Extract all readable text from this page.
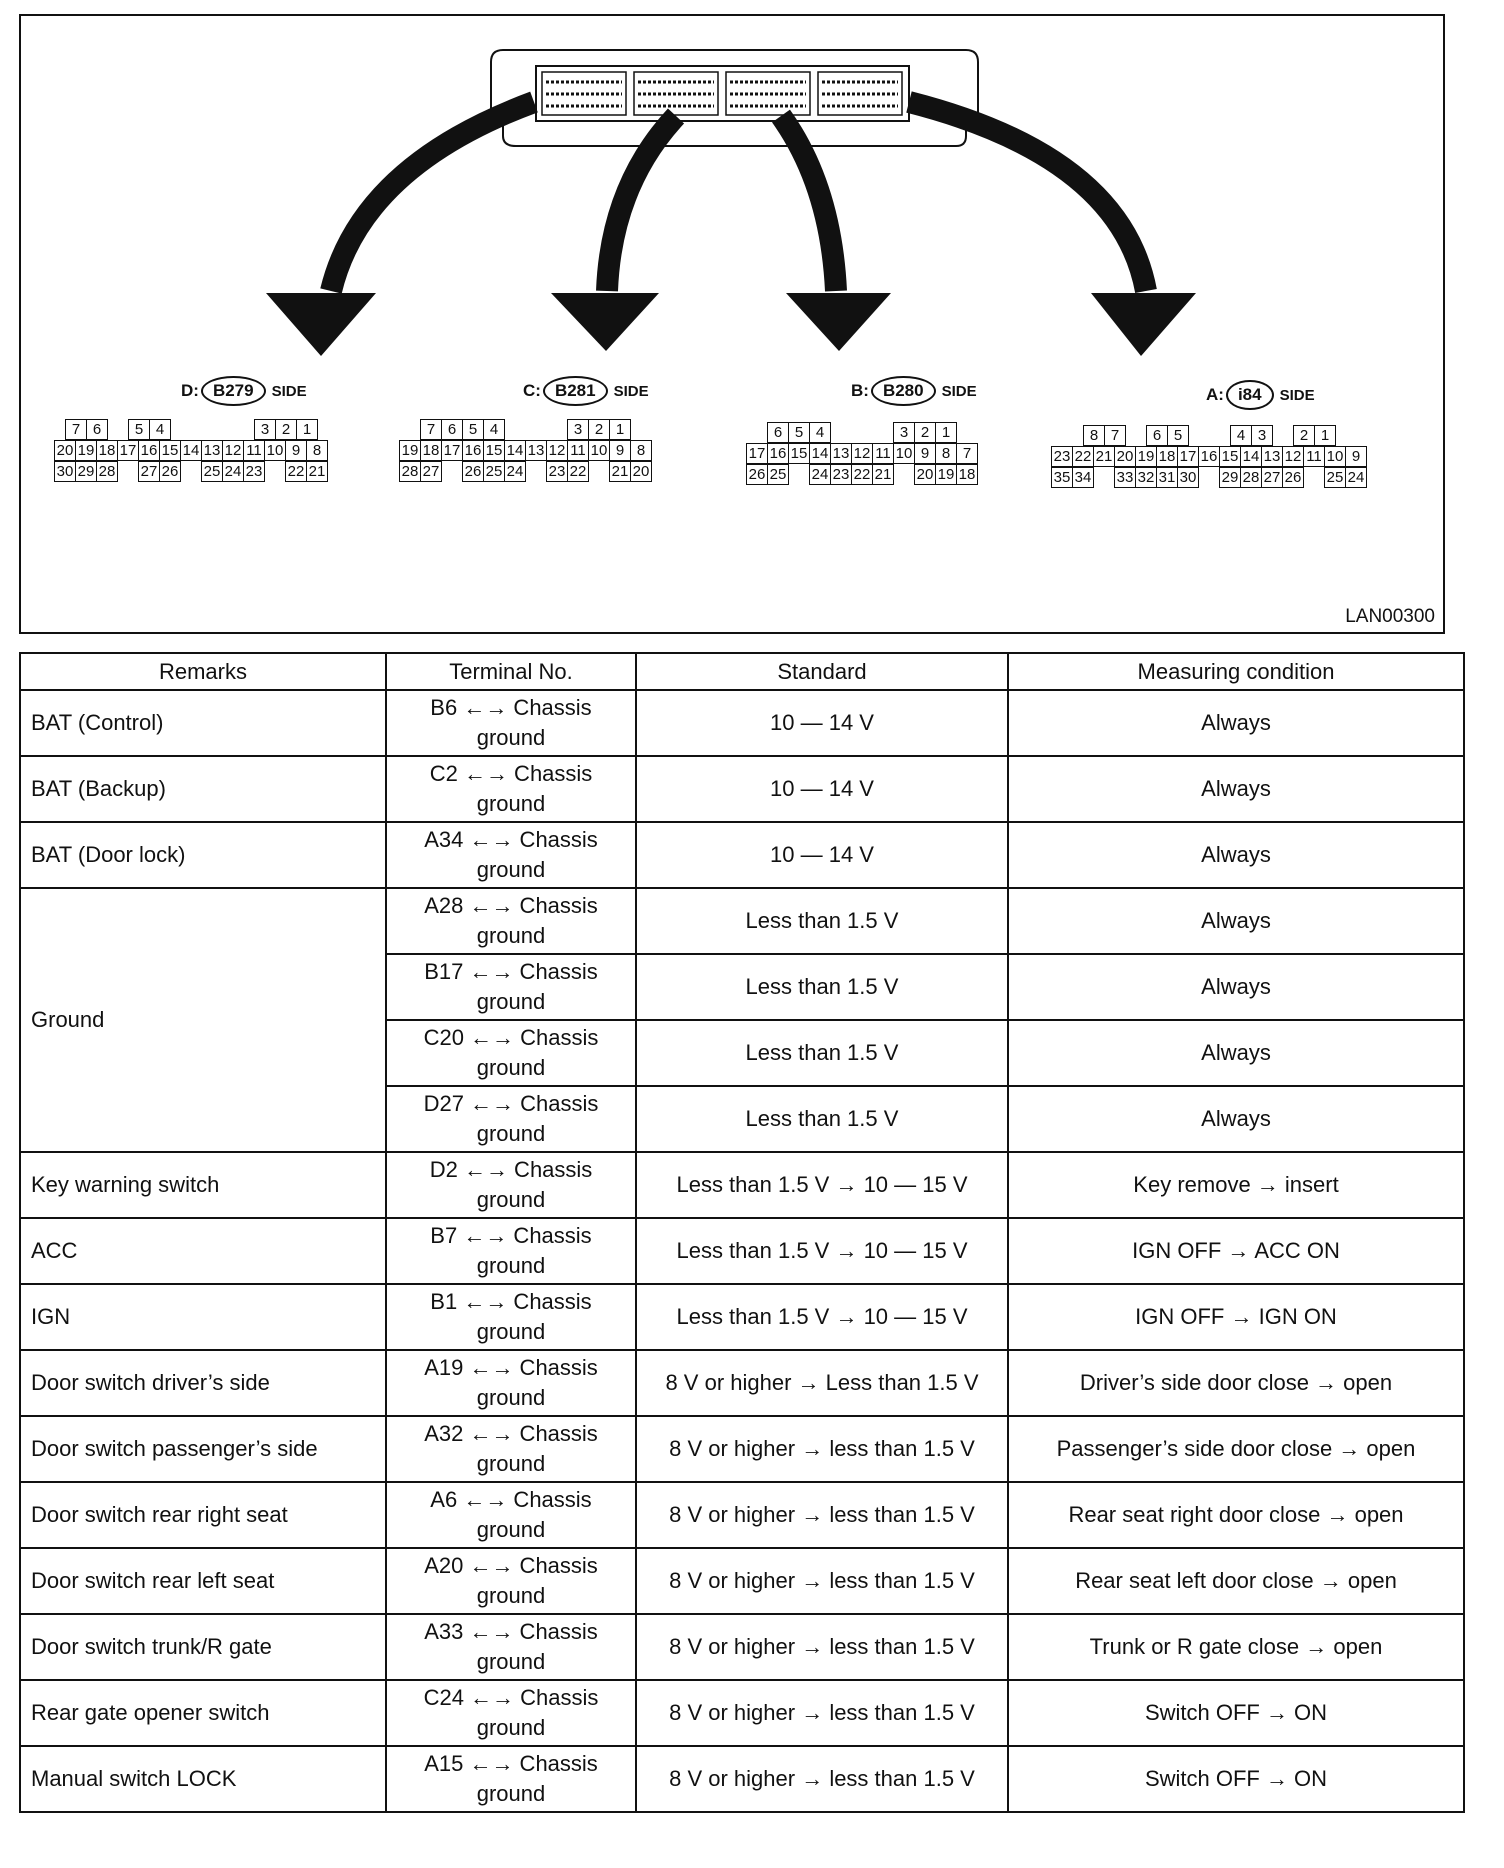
D: B279	SIDE	C: B281	SIDE	B: B280	SIDE	A: i84	SIDE
7 6	5 4	3 2 1
20 19 18 17 16 15 14 13 12 11 10 9 8
30 29 28 27 26 25 24 23 22 21
7 6 5 4	3 2 1
19 18 17 16 15 14 13 12 11 10 9 8
28 27 26 25 24 23 22 21 20
6 5 4	3 2 1
17 16 15 14 13 12 11 10 9 8 7
26 25 24 23 22 21 20 19 18
8 7	6 5	4 3	2 1
23 22 21 20 19 18 17 16 15 14 13 12 11 10 9
35 34 33 32 31 30 29 28 27 26 25 24
LAN00300
Remarks	Terminal No.	Standard	Measuring condition
BAT (Control)	B6 ←→ Chassis
ground	10 — 14 V	Always
BAT (Backup)	C2 ←→ Chassis
ground	10 — 14 V	Always
BAT (Door lock)	A34 ←→ Chassis
ground	10 — 14 V	Always
Ground	A28 ←→ Chassis
ground	Less than 1.5 V	Always

	B17 ←→ Chassis
ground	Less than 1.5 V	Always

	C20 ←→ Chassis
ground	Less than 1.5 V	Always

	D27 ←→ Chassis
ground	Less than 1.5 V	Always
Key warning switch	D2 ←→ Chassis
ground	Less than 1.5 V → 10 — 15 V	Key remove → insert
ACC	B7 ←→ Chassis
ground	Less than 1.5 V → 10 — 15 V	IGN OFF → ACC ON
IGN	B1 ←→ Chassis
ground	Less than 1.5 V → 10 — 15 V	IGN OFF → IGN ON
Door switch driver’s side	A19 ←→ Chassis
ground	8 V or higher → Less than 1.5 V	Driver’s side door close → open
Door switch passenger’s side	A32 ←→ Chassis
ground	8 V or higher → less than 1.5 V	Passenger’s side door close → open
Door switch rear right seat	A6 ←→ Chassis
ground	8 V or higher → less than 1.5 V	Rear seat right door close → open
Door switch rear left seat	A20 ←→ Chassis
ground	8 V or higher → less than 1.5 V	Rear seat left door close → open
Door switch trunk/R gate	A33 ←→ Chassis
ground	8 V or higher → less than 1.5 V	Trunk or R gate close → open
Rear gate opener switch	C24 ←→ Chassis
ground	8 V or higher → less than 1.5 V	Switch OFF → ON
Manual switch LOCK	A15 ←→ Chassis
ground	8 V or higher → less than 1.5 V	Switch OFF → ON
